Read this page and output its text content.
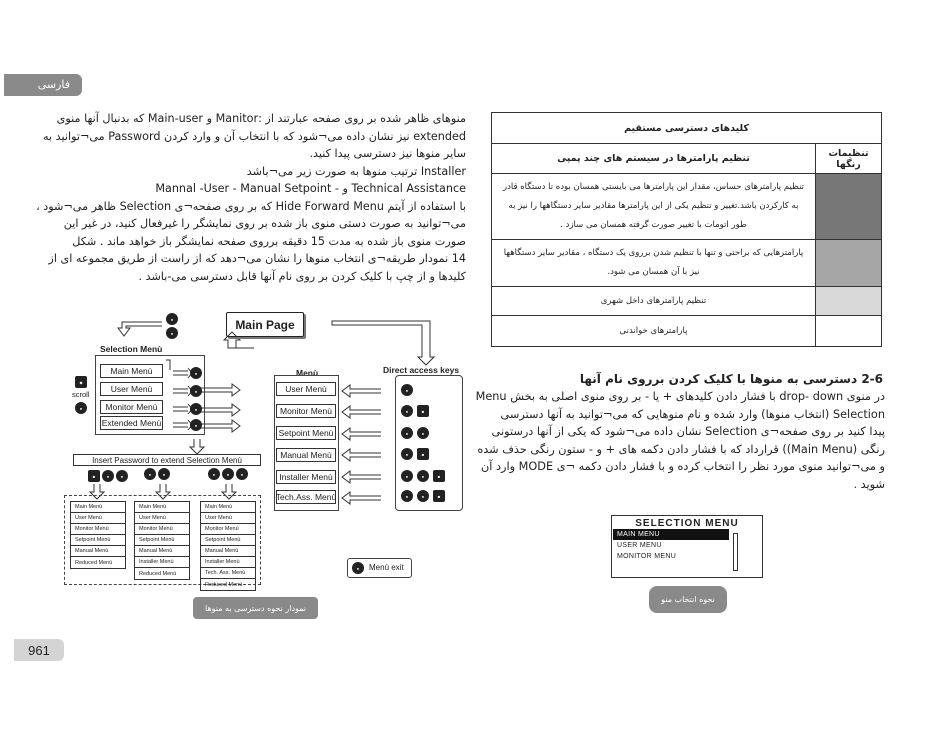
فارسی
منوهای ظاهر شده بر روی صفحه عبارتند از :Manitor و Main-user که بدنبال آنها منوی
extended نیز نشان داده می¬شود که با انتخاب آن و وارد کردن Password می¬توانید به
سایر منوها نیز دسترسی پیدا کنید.
Installer ترتیب منوها به صورت زیر می¬باشد
Technical Assistance و - Mannal -User - Manual Setpoint
با استفاده از آیتم Hide Forward Menu که بر روی صفحه¬ی Selection ظاهر می¬شود ،
می¬توانید به صورت دستی منوی باز شده بر روی نمایشگر را غیرفعال کنید، در غیر این
صورت منوی باز شده به مدت 15 دقیقه برروی صفحه نمایشگر باز خواهد ماند . شکل
14 نمودار طریقه¬ی انتخاب منوها را نشان می¬دهد که از راست از طریق مجموعه ای از
کلیدها و از چپ با کلیک کردن بر روی نام آنها قابل دسترسی می-باشد .
●
●
Main Page
Selection Menù
Main Menù
User Menù
Monitor Menù
Extended Menù
●
●
●
●
◆
scroll
●
Menù
User Menù
Monitor Menù
Setpoint Menù
Manual Menù
Installer Menù
Tech.Ass. Menù
Direct access keys
●
●	■
●	●
●	■
●	●	■
●	●	■
Insert Password to extend Selection Menù
■	●	●	●	●	●	●	●
Main Menù
User Menù
Monitor Menù
Setpoint Menù
Manual Menù
Reduced Menù
Main Menù
User Menù
Monitor Menù
Setpoint Menù
Manual Menù
Installer Menù
Reduced Menù
Main Menù
User Menù
Monitor Menù
Setpoint Menù
Manual Menù
Installer Menù
Tech. Ass. Menù
Reduced Menù
●	Menù exit
نمودار نحوه دسترسی به منوها
961
کلیدهای دسترسی مستقیم	
تنظیم پارامترها در سیستم های چند پمپی	تنظیمات رنگها
تنظیم پارامترهای حساس، مقدار این پارامترها می بایستی همسان بوده تا دستگاه قادر به کارکردن باشد.تغییر و تنظیم یکی از این پارامترها مقادیر سایر دستگاهها را نیز به طور اتومات با تغییر صورت گرفته همسان می سازد .	
پارامترهایی که براحتی و تنها با تنظیم شدن برروی یک دستگاه ، مقادیر سایر دستگاهها نیز با آن همسان می شود.	
تنظیم پارامترهای داخل شهری	
پارامترهای خواندنی	
2-6 دسترسی به منوها با کلیک کردن برروی نام آنها
در منوی drop- down با فشار دادن کلیدهای + یا - بر روی منوی اصلی به بخش Menu
Selection (انتخاب منوها) وارد شده و نام منوهایی که می¬توانید به آنها دسترسی
پیدا کنید بر روی صفحه¬ی Selection نشان داده می¬شود که یکی از آنها درستونی
رنگی (Main Menu)) قرارداد که با فشار دادن دکمه های + و - ستون رنگی حذف شده
و می¬توانید منوی مورد نظر را انتخاب کرده و با فشار دادن دکمه ¬ی MODE وارد آن
شوید .
SELECTION MENU
MAIN MENU
USER MENU
MONITOR MENU
نحوه انتخاب منو
